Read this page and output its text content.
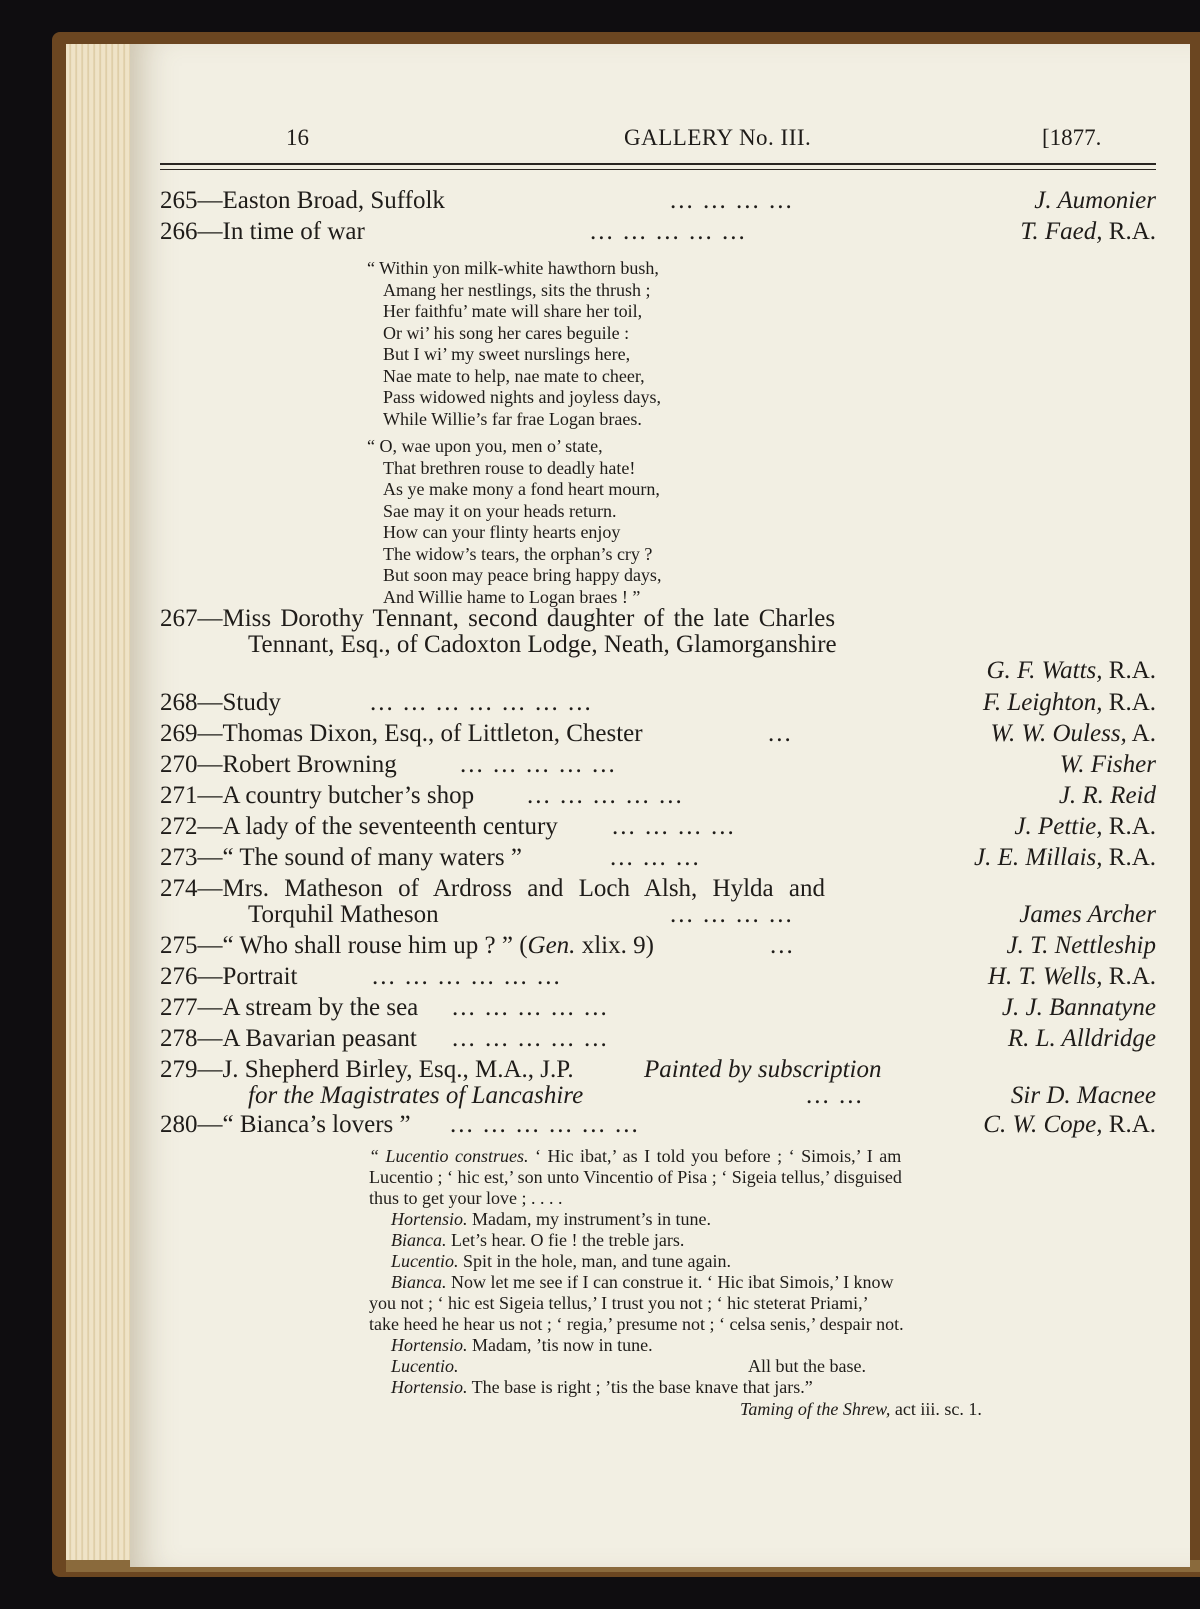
16	GALLERY No. III.	[1877.
265—Easton Broad, Suffolk	... ... ... ...	J. Aumonier
266—In time of war	... ... ... ... ...	T. Faed, R.A.
“ Within yon milk-white hawthorn bush,
Amang her nestlings, sits the thrush ;
Her faithfu’ mate will share her toil,
Or wi’ his song her cares beguile :
But I wi’ my sweet nurslings here,
Nae mate to help, nae mate to cheer,
Pass widowed nights and joyless days,
While Willie’s far frae Logan braes.
“ O, wae upon you, men o’ state,
That brethren rouse to deadly hate!
As ye make mony a fond heart mourn,
Sae may it on your heads return.
How can your flinty hearts enjoy
The widow’s tears, the orphan’s cry ?
But soon may peace bring happy days,
And Willie hame to Logan braes ! ”
267—Miss Dorothy Tennant, second daughter of the late Charles
Tennant, Esq., of Cadoxton Lodge, Neath, Glamorganshire
G. F. Watts, R.A.
268—Study	... ... ... ... ... ... ...	F. Leighton, R.A.
269—Thomas Dixon, Esq., of Littleton, Chester	...	W. W. Ouless, A.
270—Robert Browning	... ... ... ... ...	W. Fisher
271—A country butcher’s shop ... ... ... ... ...	J. R. Reid
272—A lady of the seventeenth century ... ... ... ...	J. Pettie, R.A.
273—“ The sound of many waters ”	... ... ...	J. E. Millais, R.A.
274—Mrs. Matheson of Ardross and Loch Alsh, Hylda and
Torquhil Matheson	... ... ... ...	James Archer
275—“ Who shall rouse him up ? ” (Gen. xlix. 9)	...	J. T. Nettleship
276—Portrait	... ... ... ... ... ...	H. T. Wells, R.A.
277—A stream by the sea ... ... ... ... ...	J. J. Bannatyne
278—A Bavarian peasant ... ... ... ... ...	R. L. Alldridge
279—J. Shepherd Birley, Esq., M.A., J.P.	Painted by subscription
for the Magistrates of Lancashire	... ...	Sir D. Macnee
280—“ Bianca’s lovers ” ... ... ... ... ... ...	C. W. Cope, R.A.
“ Lucentio construes. ‘ Hic ibat,’ as I told you before ; ‘ Simois,’ I am
Lucentio ; ‘ hic est,’ son unto Vincentio of Pisa ; ‘ Sigeia tellus,’ disguised
thus to get your love ; . . . .
Hortensio. Madam, my instrument’s in tune.
Bianca. Let’s hear. O fie ! the treble jars.
Lucentio. Spit in the hole, man, and tune again.
Bianca. Now let me see if I can construe it. ‘ Hic ibat Simois,’ I know
you not ; ‘ hic est Sigeia tellus,’ I trust you not ; ‘ hic steterat Priami,’
take heed he hear us not ; ‘ regia,’ presume not ; ‘ celsa senis,’ despair not.
Hortensio. Madam, ’tis now in tune.
Lucentio.	All but the base.
Hortensio. The base is right ; ’tis the base knave that jars.”
Taming of the Shrew, act iii. sc. 1.
